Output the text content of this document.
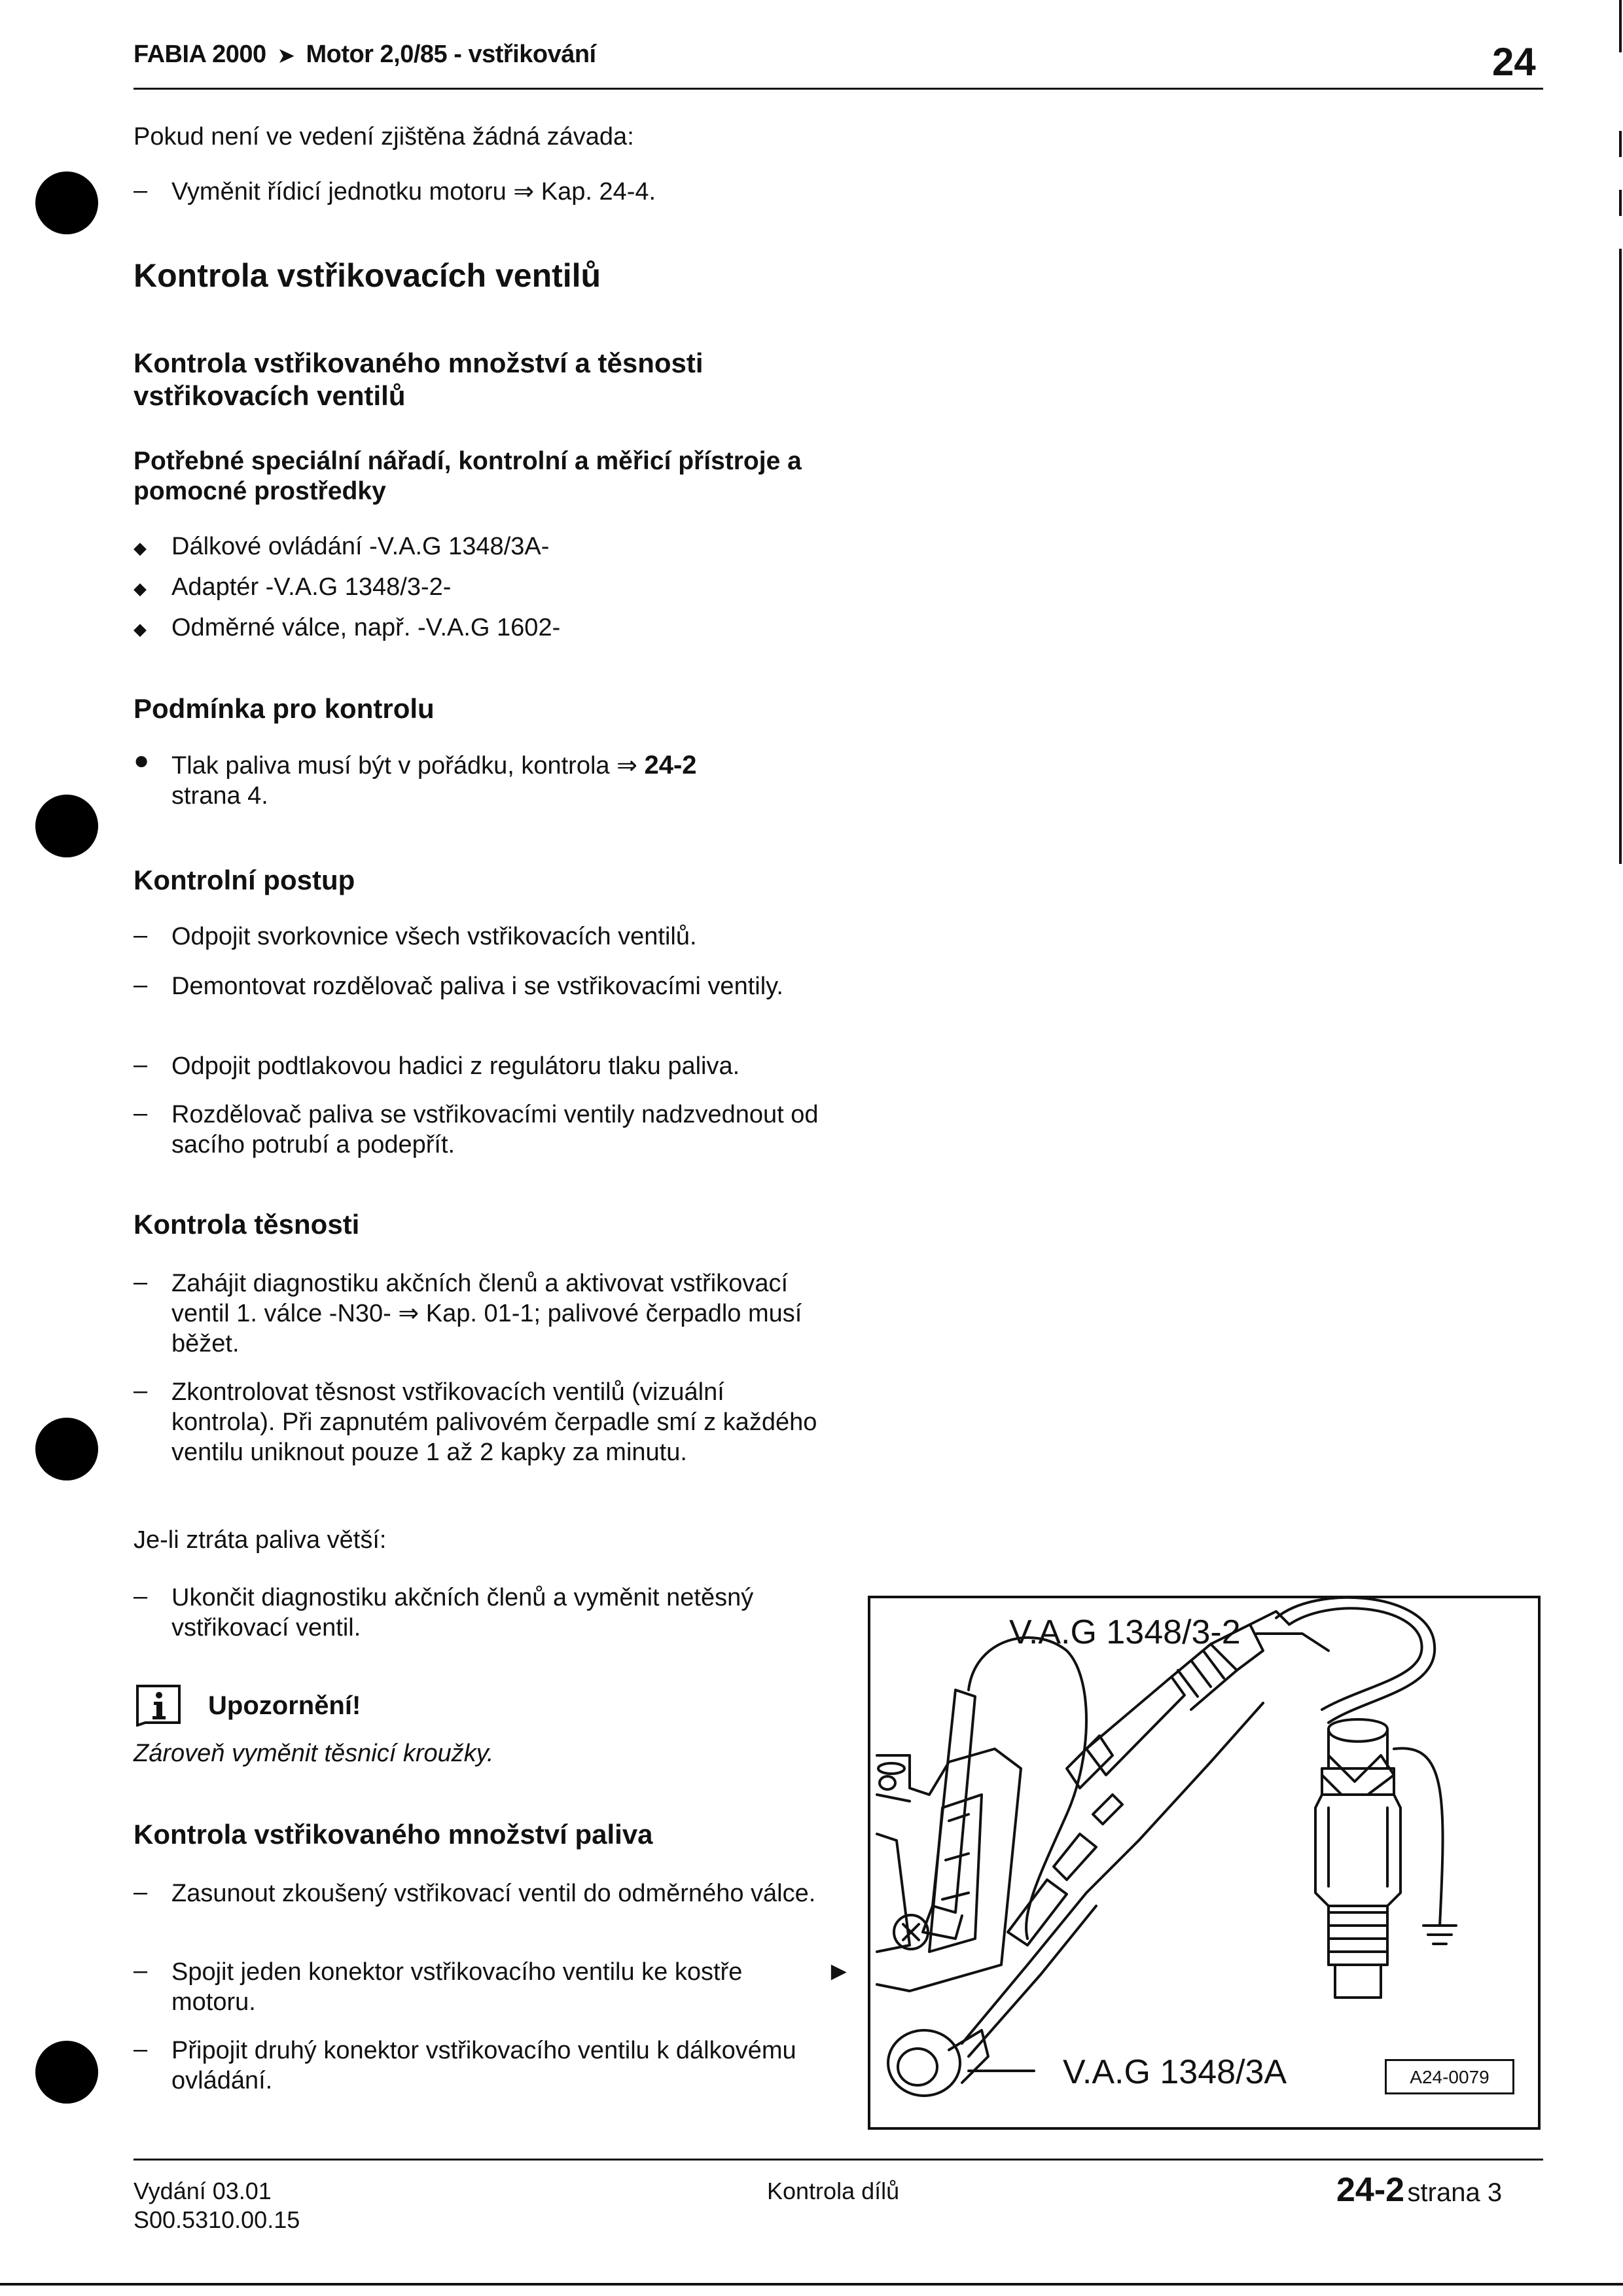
FABIA 2000 ➤ Motor 2,0/85 - vstřikování	24
Pokud není ve vedení zjištěna žádná závada:
– Vyměnit řídicí jednotku motoru ⇒ Kap. 24-4.
Kontrola vstřikovacích ventilů
Kontrola vstřikovaného množství a těsnosti vstřikovacích ventilů
Potřebné speciální nářadí, kontrolní a měřicí přístroje a pomocné prostředky
◆ Dálkové ovládání -V.A.G 1348/3A-
◆ Adaptér -V.A.G 1348/3-2-
◆ Odměrné válce, např. -V.A.G 1602-
Podmínka pro kontrolu
● Tlak paliva musí být v pořádku, kontrola ⇒ 24-2
strana 4.
Kontrolní postup
– Odpojit svorkovnice všech vstřikovacích ventilů.
– Demontovat rozdělovač paliva i se vstřikovacími ventily.
– Odpojit podtlakovou hadici z regulátoru tlaku paliva.
– Rozdělovač paliva se vstřikovacími ventily nadzvednout od sacího potrubí a podepřít.
Kontrola těsnosti
– Zahájit diagnostiku akčních členů a aktivovat vstřikovací ventil 1. válce -N30- ⇒ Kap. 01-1; palivové čerpadlo musí běžet.
– Zkontrolovat těsnost vstřikovacích ventilů (vizuální kontrola). Při zapnutém palivovém čerpadle smí z každého ventilu uniknout pouze 1 až 2 kapky za minutu.
Je-li ztráta paliva větší:
– Ukončit diagnostiku akčních členů a vyměnit netěsný vstřikovací ventil.
Upozornění!
Zároveň vyměnit těsnicí kroužky.
Kontrola vstřikovaného množství paliva
– Zasunout zkoušený vstřikovací ventil do odměrného válce.
– Spojit jeden konektor vstřikovacího ventilu ke kostře motoru.
►
– Připojit druhý konektor vstřikovacího ventilu k dálkovému ovládání.
V.A.G 1348/3-2
V.A.G 1348/3A	A24-0079
Vydání 03.01
S00.5310.00.15
Kontrola dílů	24-2 strana 3
